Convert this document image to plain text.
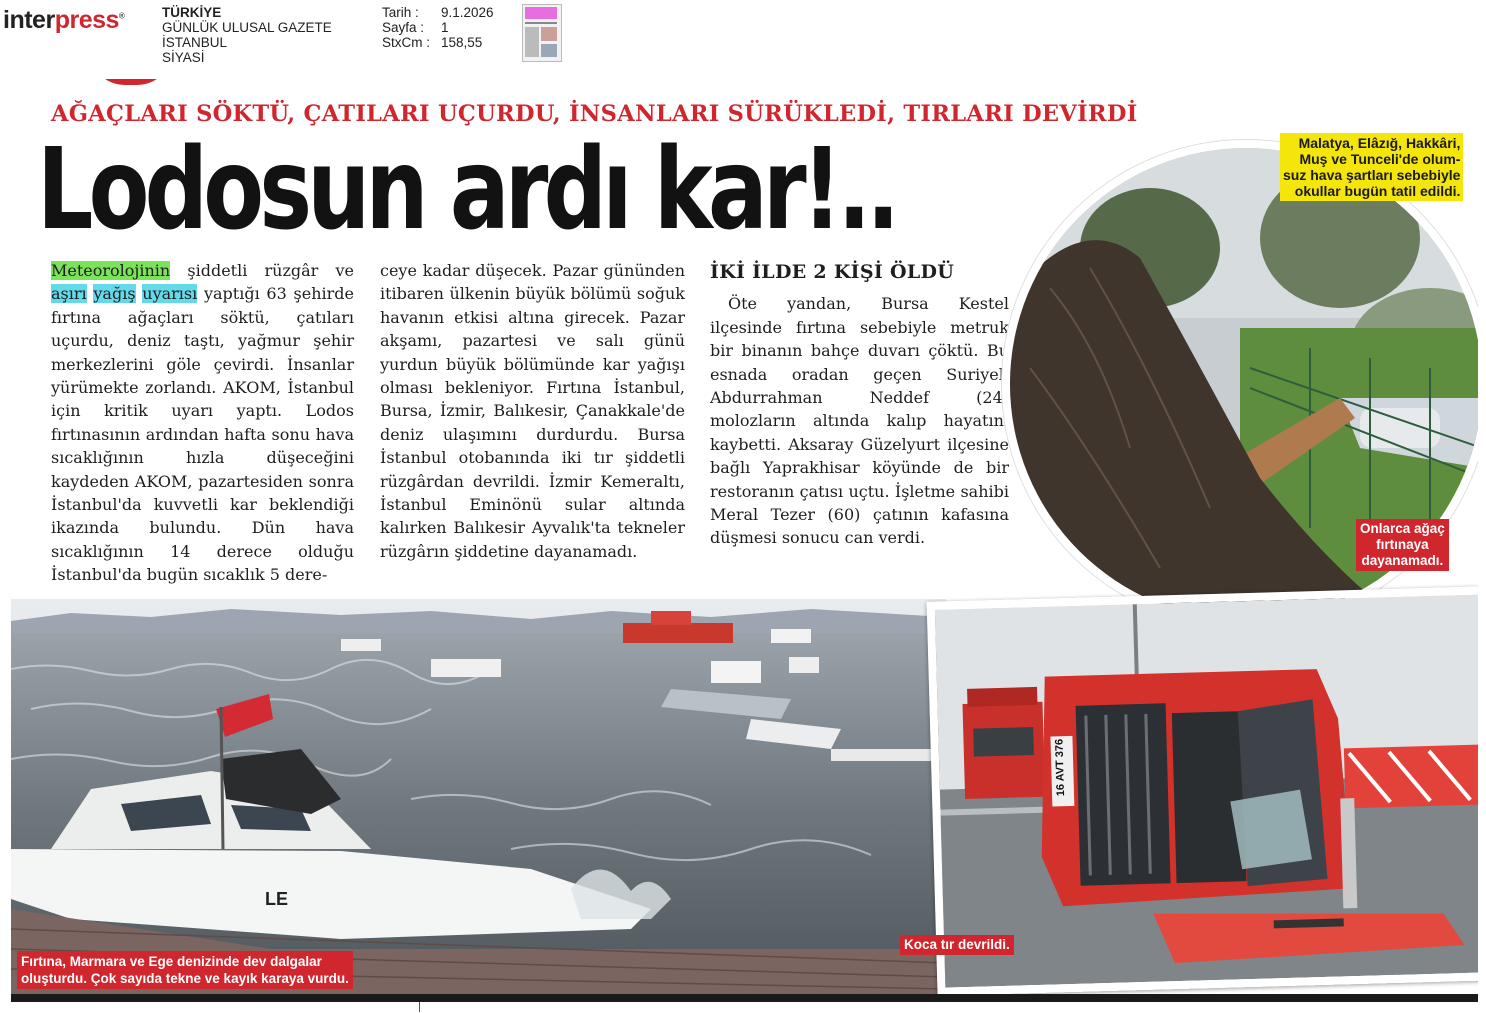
interpress®	TÜRKİYE
GÜNLÜK ULUSAL GAZETE
İSTANBUL
SİYASİ
Tarih :
Sayfa :
StxCm :
9.1.2026
1
158,55
AĞAÇLARI SÖKTÜ, ÇATILARI UÇURDU, İNSANLARI SÜRÜKLEDİ, TIRLARI DEVİRDİ
Lodosun ardı kar!..
Meteorolojinin şiddetli rüzgâr ve aşırı yağış uyarısı yaptığı 63 şehirde fırtına ağaçları söktü, çatıları uçurdu, deniz taştı, yağmur şehir merkezlerini göle çevirdi. İnsanlar yürümekte zorlandı. AKOM, İstanbul için kritik uyarı yaptı. Lodos fırtınasının ardından hafta sonu hava sıcaklığının hızla düşeceğini kaydeden AKOM, pazartesiden sonra İstanbul'da kuvvetli kar beklendiği ikazında bulundu. Dün hava sıcaklığının 14 derece olduğu İstanbul'da bugün sıcaklık 5 dere-
ceye kadar düşecek. Pazar gününden itibaren ülkenin büyük bölümü soğuk havanın etkisi altına girecek. Pazar akşamı, pazartesi ve salı günü yurdun büyük bölümünde kar yağışı olması bekleniyor. Fırtına İstanbul, Bursa, İzmir, Balıkesir, Çanakkale'de deniz ulaşımını durdurdu. Bursa İstanbul otobanında iki tır şiddetli rüzgârdan devrildi. İzmir Kemeraltı, İstanbul Eminönü sular altında kalırken Balıkesir Ayvalık'ta tekneler rüzgârın şiddetine dayanamadı.
İKİ İLDE 2 KİŞİ ÖLDÜ
Öte yandan, Bursa Kestel ilçesinde fırtına sebebiyle metruk bir binanın bahçe duvarı çöktü. Bu esnada oradan geçen Suriyeli Abdurrahman Neddef (24) molozların altında kalıp hayatını kaybetti. Aksaray Güzelyurt ilçesine bağlı Yaprakhisar köyünde de bir restoranın çatısı uçtu. İşletme sahibi Meral Tezer (60) çatının kafasına düşmesi sonucu can verdi.
LE
Fırtına, Marmara ve Ege denizinde dev dalgalar
oluşturdu. Çok sayıda tekne ve kayık karaya vurdu.
Malatya, Elâzığ, Hakkâri,
Muş ve Tunceli'de olum-
suz hava şartları sebebiyle
okullar bugün tatil edildi.
Onlarca ağaç
fırtınaya
dayanamadı.
16 AVT 376
Koca tır devrildi.
